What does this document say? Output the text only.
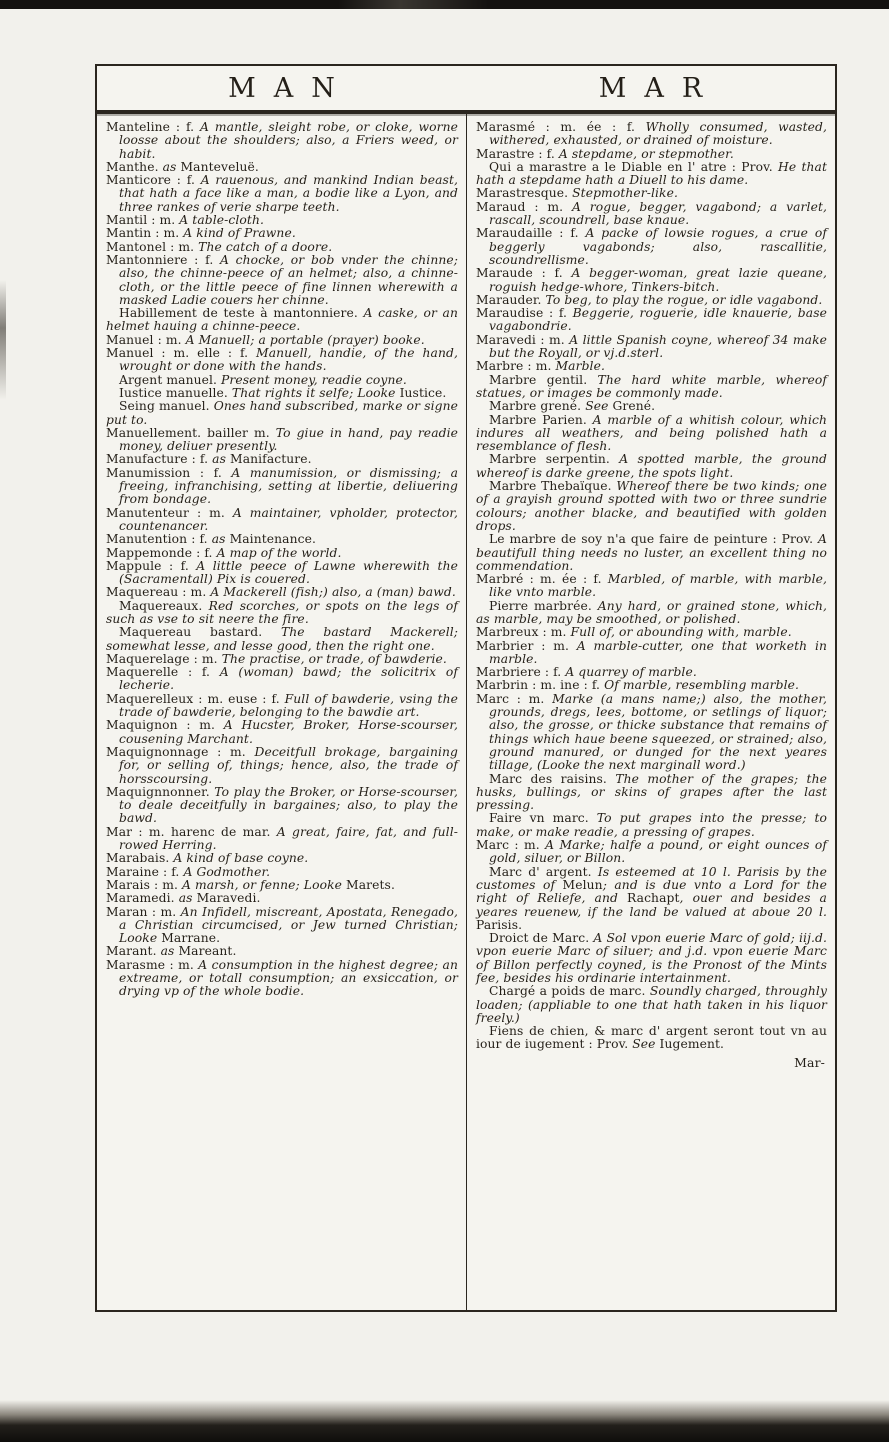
MAN	MAR

Manteline : f. A mantle, sleight robe, or cloke, worne loosse about the shoulders; also, a Friers weed, or habit.

Manthe. as Manteveluë.

Manticore : f. A rauenous, and mankind Indian beast, that hath a face like a man, a bodie like a Lyon, and three rankes of verie sharpe teeth.

Mantil : m. A table-cloth.

Mantin : m. A kind of Prawne.

Mantonel : m. The catch of a doore.

Mantonniere : f. A chocke, or bob vnder the chinne; also, the chinne-peece of an helmet; also, a chinne-cloth, or the little peece of fine linnen wherewith a masked Ladie couers her chinne.

Habillement de teste à mantonniere. A caske, or an helmet hauing a chinne-peece.

Manuel : m. A Manuell; a portable (prayer) booke.

Manuel : m. elle : f. Manuell, handie, of the hand, wrought or done with the hands.

Argent manuel. Present money, readie coyne.

Iustice manuelle. That rights it selfe; Looke Iustice.

Seing manuel. Ones hand subscribed, marke or signe put to.

Manuellement. bailler m. To giue in hand, pay readie money, deliuer presently.

Manufacture : f. as Manifacture.

Manumission : f. A manumission, or dismissing; a freeing, infranchising, setting at libertie, deliuering from bondage.

Manutenteur : m. A maintainer, vpholder, protector, countenancer.

Manutention : f. as Maintenance.

Mappemonde : f. A map of the world.

Mappule : f. A little peece of Lawne wherewith the (Sacramentall) Pix is couered.

Maquereau : m. A Mackerell (fish;) also, a (man) bawd.

Maquereaux. Red scorches, or spots on the legs of such as vse to sit neere the fire.

Maquereau bastard. The bastard Mackerell; somewhat lesse, and lesse good, then the right one.

Maquerelage : m. The practise, or trade, of bawderie.

Maquerelle : f. A (woman) bawd; the solicitrix of lecherie.

Maquerelleux : m. euse : f. Full of bawderie, vsing the trade of bawderie, belonging to the bawdie art.

Maquignon : m. A Hucster, Broker, Horse-scourser, cousening Marchant.

Maquignonnage : m. Deceitfull brokage, bargaining for, or selling of, things; hence, also, the trade of horsscoursing.

Maquignnonner. To play the Broker, or Horse-scourser, to deale deceitfully in bargaines; also, to play the bawd.

Mar : m. harenc de mar. A great, faire, fat, and full-rowed Herring.

Marabais. A kind of base coyne.

Maraine : f. A Godmother.

Marais : m. A marsh, or fenne; Looke Marets.

Maramedi. as Maravedi.

Maran : m. An Infidell, miscreant, Apostata, Renegado, a Christian circumcised, or Jew turned Christian; Looke Marrane.

Marant. as Mareant.

Marasme : m. A consumption in the highest degree; an extreame, or totall consumption; an exsiccation, or drying vp of the whole bodie.

Marasmé : m. ée : f. Wholly consumed, wasted, withered, exhausted, or drained of moisture.

Marastre : f. A stepdame, or stepmother.

Qui a marastre a le Diable en l' atre : Prov. He that hath a stepdame hath a Diuell to his dame.

Marastresque. Stepmother-like.

Maraud : m. A rogue, begger, vagabond; a varlet, rascall, scoundrell, base knaue.

Maraudaille : f. A packe of lowsie rogues, a crue of beggerly vagabonds; also, rascallitie, scoundrellisme.

Maraude : f. A begger-woman, great lazie queane, roguish hedge-whore, Tinkers-bitch.

Marauder. To beg, to play the rogue, or idle vagabond.

Maraudise : f. Beggerie, roguerie, idle knauerie, base vagabondrie.

Maravedi : m. A little Spanish coyne, whereof 34 make but the Royall, or vj.d.sterl.

Marbre : m. Marble.

Marbre gentil. The hard white marble, whereof statues, or images be commonly made.

Marbre grené. See Grené.

Marbre Parien. A marble of a whitish colour, which indures all weathers, and being polished hath a resemblance of flesh.

Marbre serpentin. A spotted marble, the ground whereof is darke greene, the spots light.

Marbre Thebaïque. Whereof there be two kinds; one of a grayish ground spotted with two or three sundrie colours; another blacke, and beautified with golden drops.

Le marbre de soy n'a que faire de peinture : Prov. A beautifull thing needs no luster, an excellent thing no commendation.

Marbré : m. ée : f. Marbled, of marble, with marble, like vnto marble.

Pierre marbrée. Any hard, or grained stone, which, as marble, may be smoothed, or polished.

Marbreux : m. Full of, or abounding with, marble.

Marbrier : m. A marble-cutter, one that worketh in marble.

Marbriere : f. A quarrey of marble.

Marbrin : m. ine : f. Of marble, resembling marble.

Marc : m. Marke (a mans name;) also, the mother, grounds, dregs, lees, bottome, or setlings of liquor; also, the grosse, or thicke substance that remains of things which haue beene squeezed, or strained; also, ground manured, or dunged for the next yeares tillage, (Looke the next marginall word.)

Marc des raisins. The mother of the grapes; the husks, bullings, or skins of grapes after the last pressing.

Faire vn marc. To put grapes into the presse; to make, or make readie, a pressing of grapes.

Marc : m. A Marke; halfe a pound, or eight ounces of gold, siluer, or Billon.

Marc d' argent. Is esteemed at 10 l. Parisis by the customes of Melun; and is due vnto a Lord for the right of Reliefe, and Rachapt, ouer and besides a yeares reuenew, if the land be valued at aboue 20 l. Parisis.

Droict de Marc. A Sol vpon euerie Marc of gold; iij.d. vpon euerie Marc of siluer; and j.d. vpon euerie Marc of Billon perfectly coyned, is the Pronost of the Mints fee, besides his ordinarie intertainment.

Chargé a poids de marc. Soundly charged, throughly loaden; (appliable to one that hath taken in his liquor freely.)

Fiens de chien, & marc d' argent seront tout vn au iour de iugement : Prov. See Iugement.

Mar-
